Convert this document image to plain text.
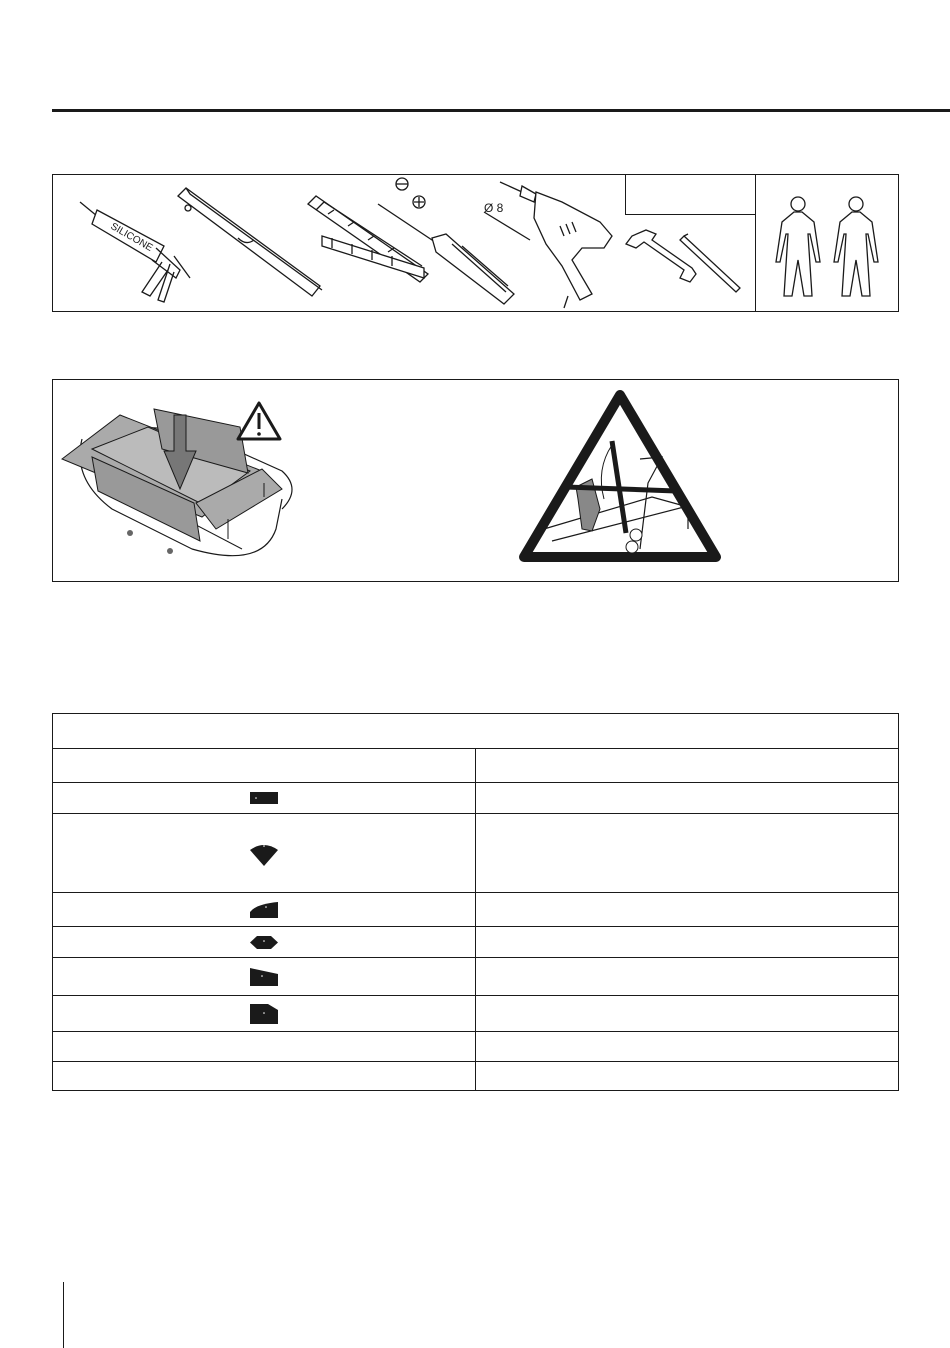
Ø 8
SILICONE
